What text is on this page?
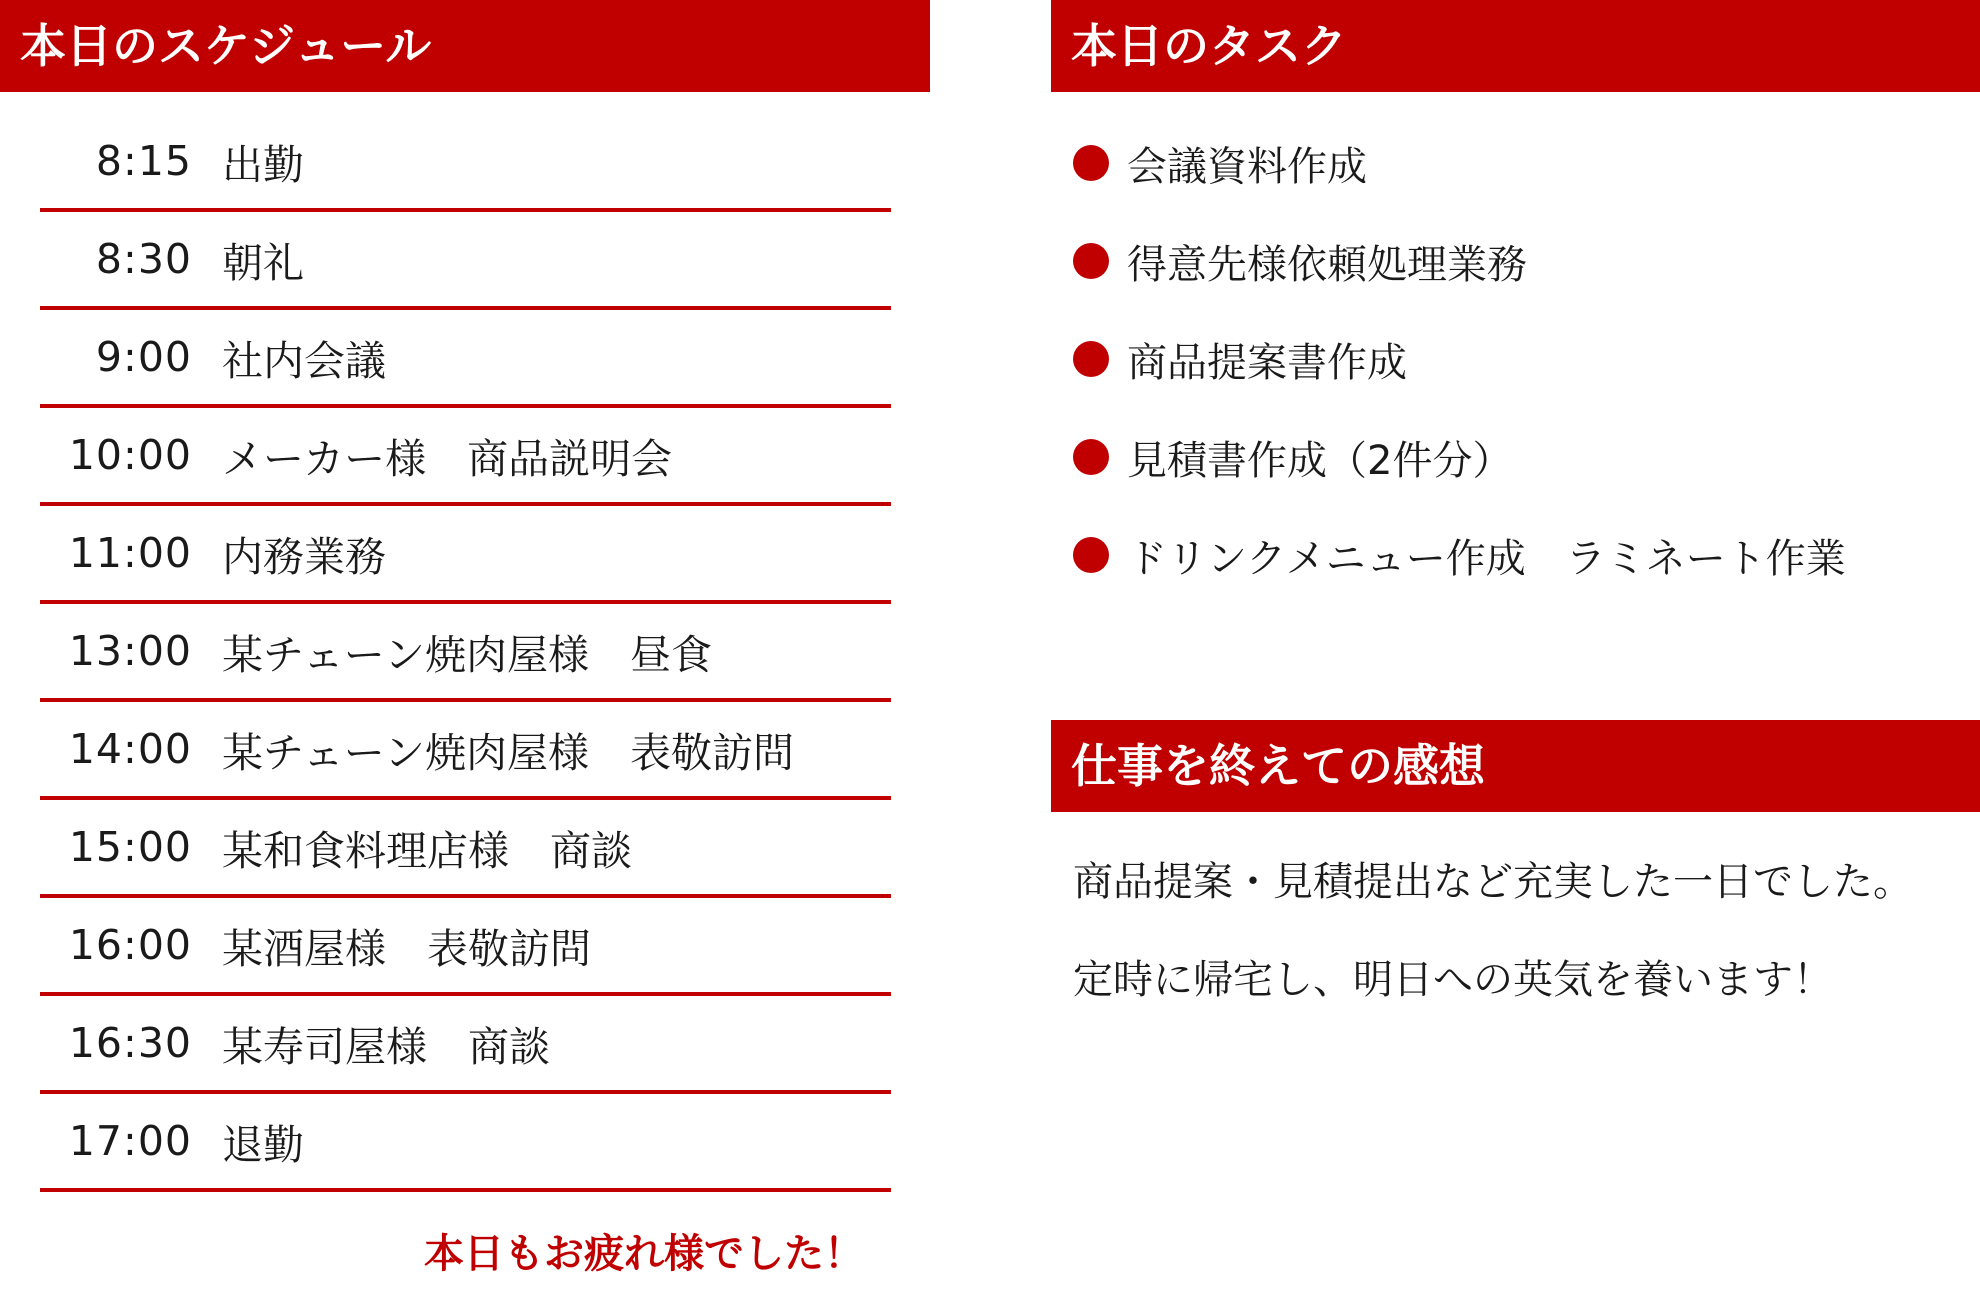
本日のスケジュール
8:15 出勤
8:30 朝礼
9:00 社内会議
10:00 メーカー様　商品説明会
11:00 内務業務
13:00 某チェーン焼肉屋様　昼食
14:00 某チェーン焼肉屋様　表敬訪問
15:00 某和食料理店様　商談
16:00 某酒屋様　表敬訪問
16:30 某寿司屋様　商談
17:00 退勤
本日もお疲れ様でした！
本日のタスク
会議資料作成
得意先様依頼処理業務
商品提案書作成
見積書作成（2件分）
ドリンクメニュー作成　ラミネート作業
仕事を終えての感想
商品提案・見積提出など充実した一日でした。
定時に帰宅し、明日への英気を養います！
